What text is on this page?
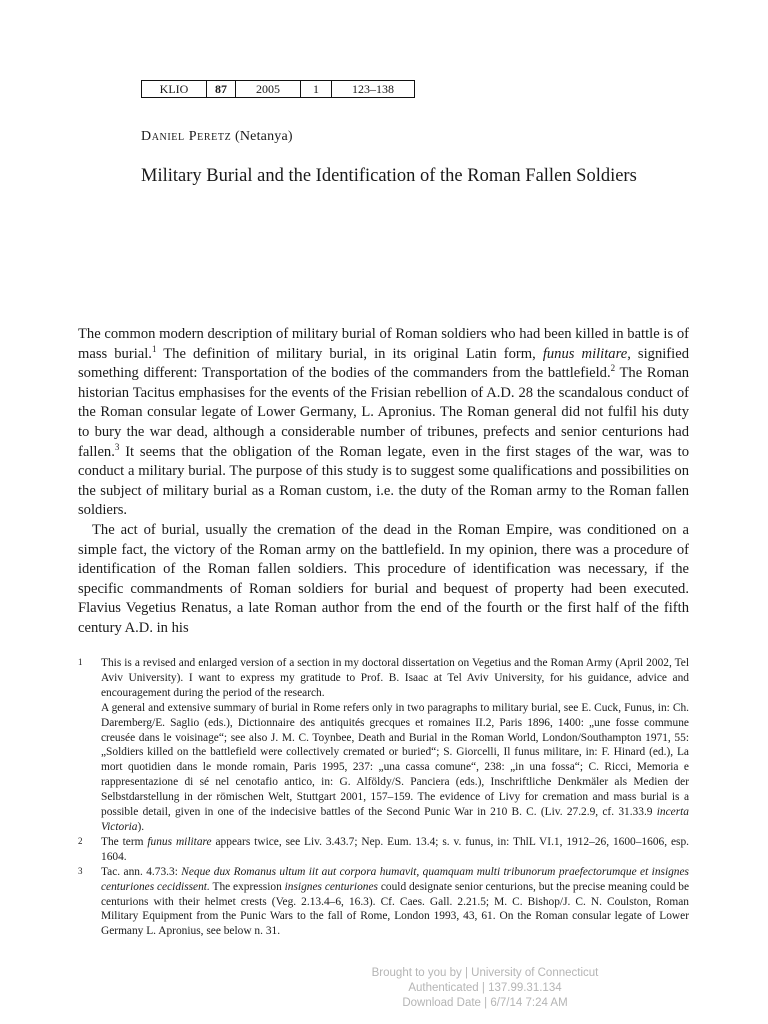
KLIO	87	2005	1	123–138
Daniel Peretz (Netanya)
Military Burial and the Identification of the Roman Fallen Soldiers

The common modern description of military burial of Roman soldiers who had been killed in battle is of mass burial.$^1$ The definition of military burial, in its original Latin form, funus militare, signified something different: Transportation of the bodies of the commanders from the battlefield.$^2$ The Roman historian Tacitus emphasises for the events of the Frisian rebellion of A.D. 28 the scandalous conduct of the Roman consular legate of Lower Germany, L. Apronius. The Roman general did not fulfil his duty to bury the war dead, although a considerable number of tribunes, prefects and senior centurions had fallen.$^3$ It seems that the obligation of the Roman legate, even in the first stages of the war, was to conduct a military burial. The purpose of this study is to suggest some qualifications and possibilities on the subject of military burial as a Roman custom, i.e. the duty of the Roman army to the Roman fallen soldiers.

The act of burial, usually the cremation of the dead in the Roman Empire, was conditioned on a simple fact, the victory of the Roman army on the battlefield. In my opinion, there was a procedure of identification of the Roman fallen soldiers. This procedure of identification was necessary, if the specific commandments of Roman soldiers for burial and bequest of property had been executed. Flavius Vegetius Renatus, a late Roman author from the end of the fourth or the first half of the fifth century A.D. in his

1 This is a revised and enlarged version of a section in my doctoral dissertation on Vegetius and the Roman Army (April 2002, Tel Aviv University). I want to express my gratitude to Prof. B. Isaac at Tel Aviv University, for his guidance, advice and encouragement during the period of the research.

A general and extensive summary of burial in Rome refers only in two paragraphs to military burial, see E. Cuck, Funus, in: Ch. Daremberg/E. Saglio (eds.), Dictionnaire des antiquités grecques et romaines II.2, Paris 1896, 1400: „une fosse commune creusée dans le voisinage“; see also J. M. C. Toynbee, Death and Burial in the Roman World, London/Southampton 1971, 55: „Soldiers killed on the battlefield were collectively cremated or buried“; S. Giorcelli, Il funus militare, in: F. Hinard (ed.), La mort quotidien dans le monde romain, Paris 1995, 237: „una cassa comune“, 238: „in una fossa“; C. Ricci, Memoria e rappresentazione di sé nel cenotafio antico, in: G. Alföldy/S. Panciera (eds.), Inschriftliche Denkmäler als Medien der Selbstdarstellung in der römischen Welt, Stuttgart 2001, 157–159. The evidence of Livy for cremation and mass burial is a possible detail, given in one of the indecisive battles of the Second Punic War in 210 B. C. (Liv. 27.2.9, cf. 31.33.9 incerta Victoria).

2 The term funus militare appears twice, see Liv. 3.43.7; Nep. Eum. 13.4; s. v. funus, in: ThlL VI.1, 1912–26, 1600–1606, esp. 1604.

3 Tac. ann. 4.73.3: Neque dux Romanus ultum iit aut corpora humavit, quamquam multi tribunorum praefectorumque et insignes centuriones cecidissent. The expression insignes centuriones could designate senior centurions, but the precise meaning could be centurions with their helmet crests (Veg. 2.13.4–6, 16.3). Cf. Caes. Gall. 2.21.5; M. C. Bishop/J. C. N. Coulston, Roman Military Equipment from the Punic Wars to the fall of Rome, London 1993, 43, 61. On the Roman consular legate of Lower Germany L. Apronius, see below n. 31.

Brought to you by | University of Connecticut
Authenticated | 137.99.31.134
Download Date | 6/7/14 7:24 AM
